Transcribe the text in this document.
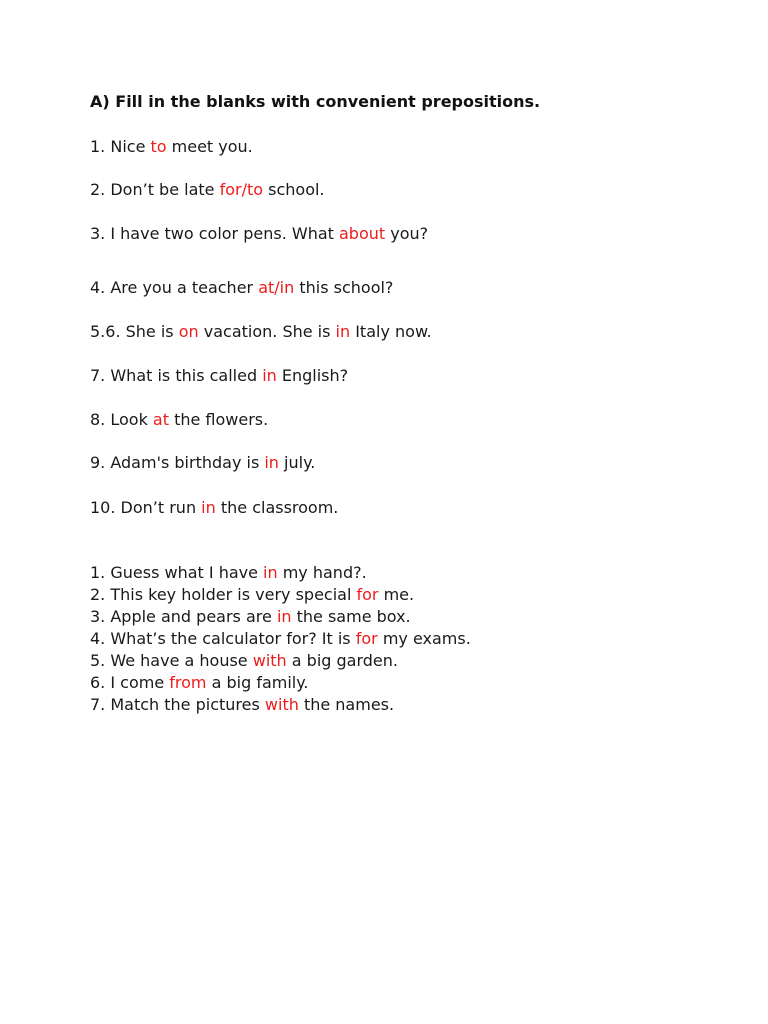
A) Fill in the blanks with convenient prepositions.
1. Nice to meet you.
2. Don’t be late for/to school.
3. I have two color pens. What about you?
4. Are you a teacher at/in this school?
5.6. She is on vacation. She is in Italy now.
7. What is this called in English?
8. Look at the flowers.
9. Adam's birthday is in july.
10. Don’t run in the classroom.
1. Guess what I have in my hand?.
2. This key holder is very special for me.
3. Apple and pears are in the same box.
4. What’s the calculator for? It is for my exams.
5. We have a house with a big garden.
6. I come from a big family.
7. Match the pictures with the names.
